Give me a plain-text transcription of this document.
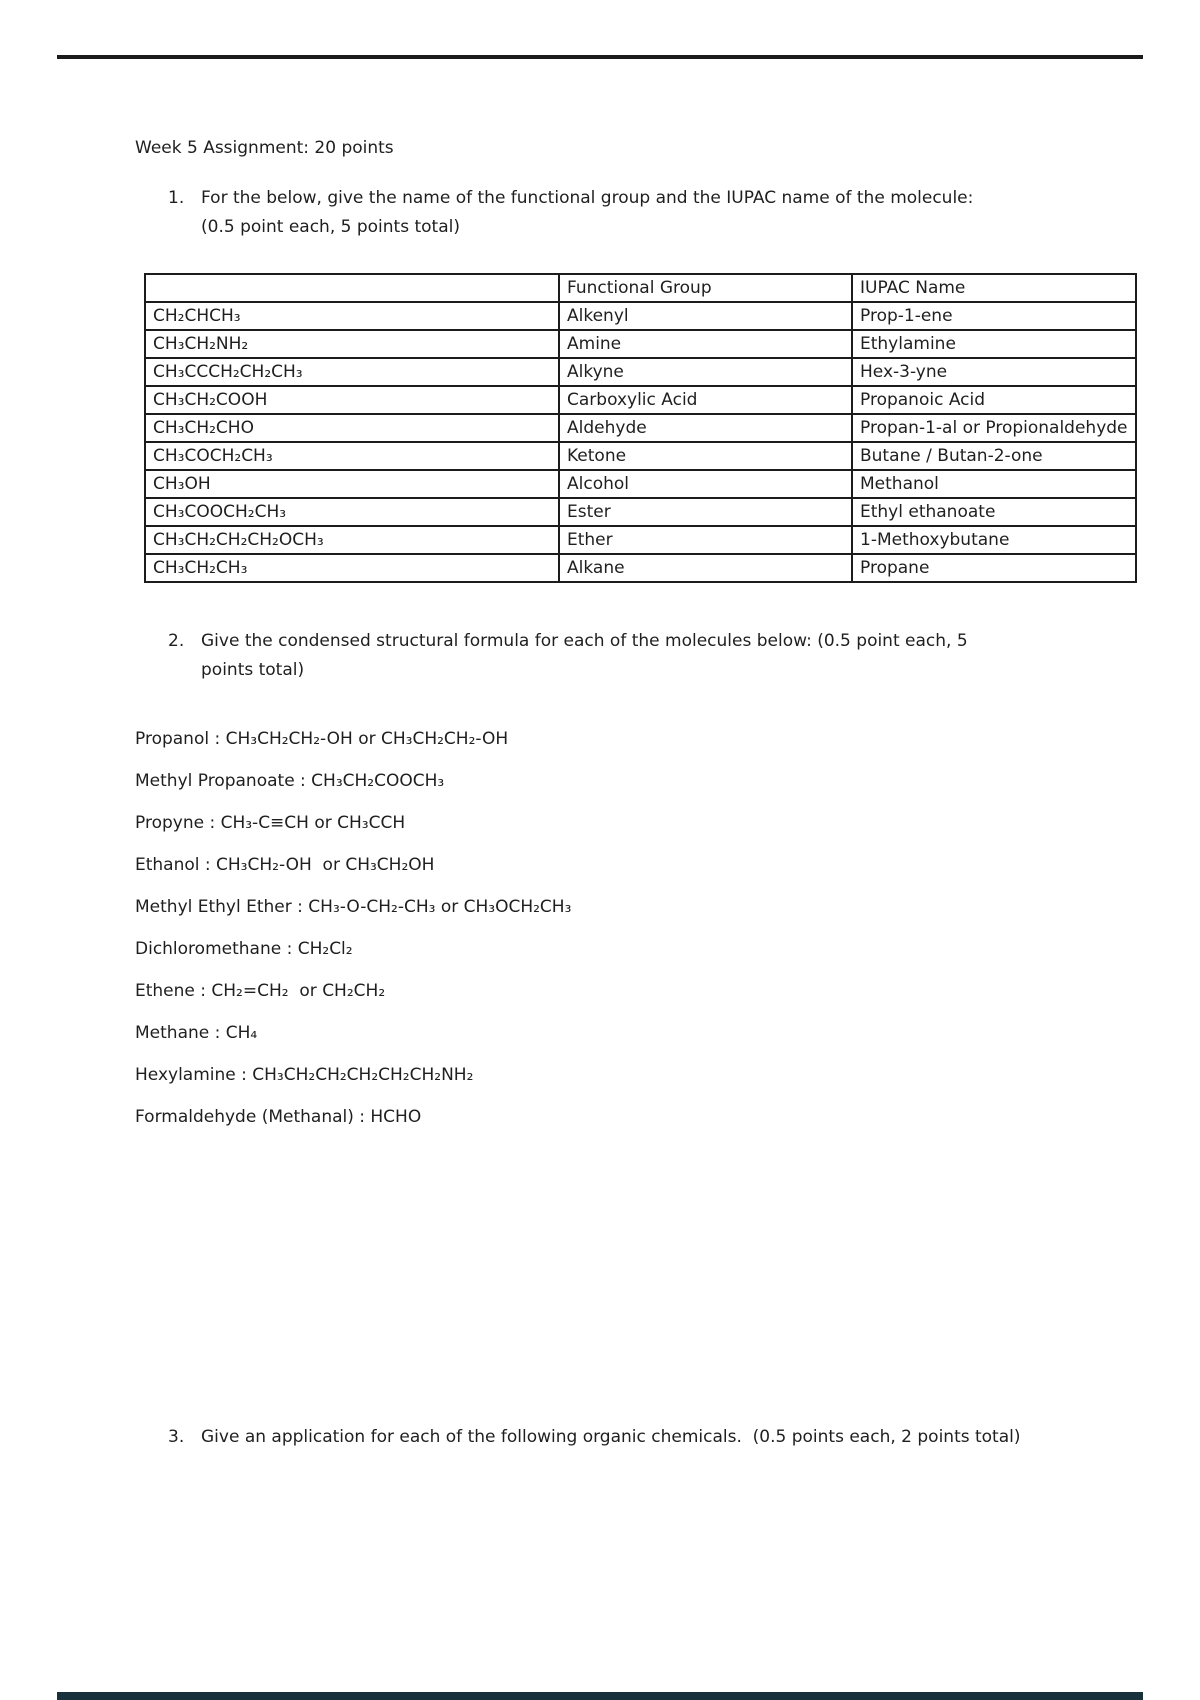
Week 5 Assignment: 20 points
1. For the below, give the name of the functional group and the IUPAC name of the molecule: (0.5 point each, 5 points total)
	Functional Group	IUPAC Name
CH₂CHCH₃	Alkenyl	Prop-1-ene
CH₃CH₂NH₂	Amine	Ethylamine
CH₃CCCH₂CH₂CH₃	Alkyne	Hex-3-yne
CH₃CH₂COOH	Carboxylic Acid	Propanoic Acid
CH₃CH₂CHO	Aldehyde	Propan-1-al or Propionaldehyde
CH₃COCH₂CH₃	Ketone	Butane / Butan-2-one
CH₃OH	Alcohol	Methanol
CH₃COOCH₂CH₃	Ester	Ethyl ethanoate
CH₃CH₂CH₂CH₂OCH₃	Ether	1-Methoxybutane
CH₃CH₂CH₃	Alkane	Propane
2. Give the condensed structural formula for each of the molecules below: (0.5 point each, 5 points total)

Propanol : CH₃CH₂CH₂-OH or CH₃CH₂CH₂-OH

Methyl Propanoate : CH₃CH₂COOCH₃

Propyne : CH₃-C≡CH or CH₃CCH

Ethanol : CH₃CH₂-OH  or CH₃CH₂OH

Methyl Ethyl Ether : CH₃-O-CH₂-CH₃ or CH₃OCH₂CH₃

Dichloromethane : CH₂Cl₂

Ethene : CH₂=CH₂  or CH₂CH₂

Methane : CH₄

Hexylamine : CH₃CH₂CH₂CH₂CH₂CH₂NH₂

Formaldehyde (Methanal) : HCHO

3. Give an application for each of the following organic chemicals.  (0.5 points each, 2 points total)
